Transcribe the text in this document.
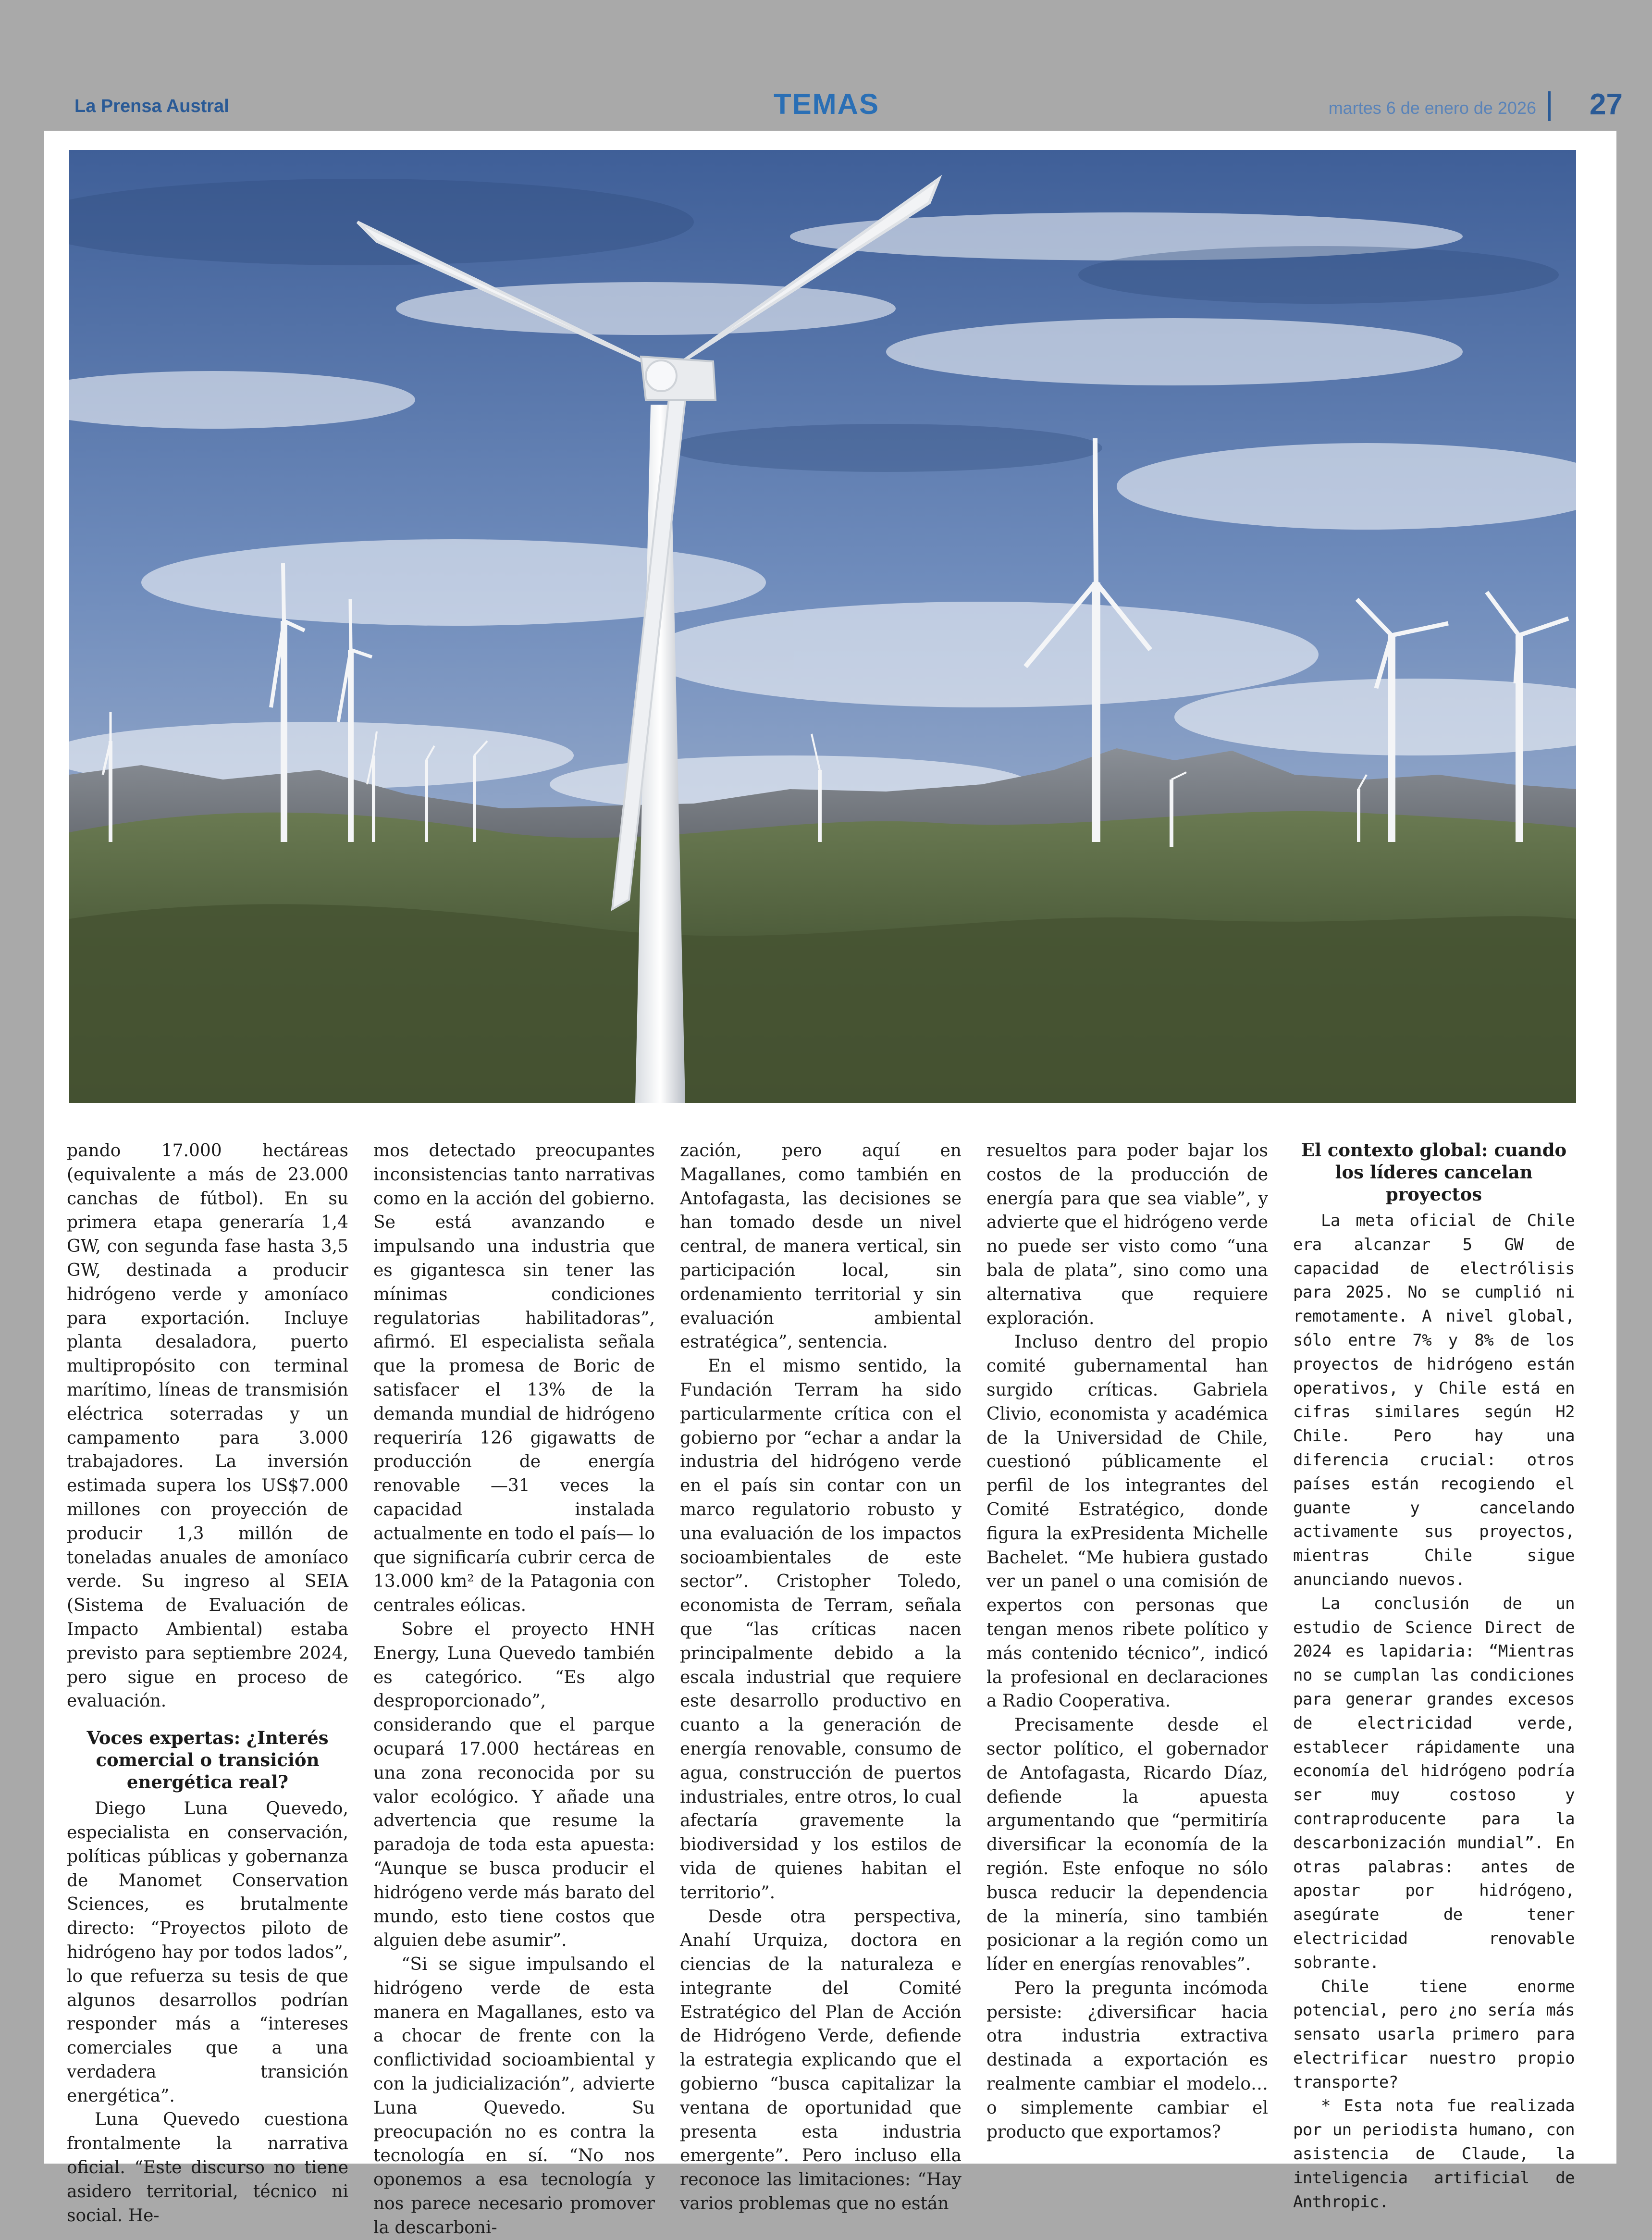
La Prensa Austral	TEMAS	martes 6 de enero de 2026 27

pando 17.000 hectáreas (equivalente a más de 23.000 canchas de fútbol). En su primera etapa generaría 1,4 GW, con segunda fase hasta 3,5 GW, destinada a producir hidrógeno verde y amoníaco para exportación. Incluye planta desaladora, puerto multipropósito con terminal marítimo, líneas de transmisión eléctrica soterradas y un campamento para 3.000 trabajadores. La inversión estimada supera los US$7.000 millones con proyección de producir 1,3 millón de toneladas anuales de amoníaco verde. Su ingreso al SEIA (Sistema de Evaluación de Impacto Ambiental) estaba previsto para septiembre 2024, pero sigue en proceso de evaluación.

Voces expertas: ¿Interés comercial o transición energética real?

Diego Luna Quevedo, especialista en conservación, políticas públicas y gobernanza de Manomet Conservation Sciences, es brutalmente directo: “Proyectos piloto de hidrógeno hay por todos lados”, lo que refuerza su tesis de que algunos desarrollos podrían responder más a “intereses comerciales que a una verdadera transición energética”.

Luna Quevedo cuestiona frontalmente la narrativa oficial. “Este discurso no tiene asidero territorial, técnico ni social. He-

mos detectado preocupantes inconsistencias tanto narrativas como en la acción del gobierno. Se está avanzando e impulsando una industria que es gigantesca sin tener las mínimas condiciones regulatorias habilitadoras”, afirmó. El especialista señala que la promesa de Boric de satisfacer el 13% de la demanda mundial de hidrógeno requeriría 126 gigawatts de producción de energía renovable —31 veces la capacidad instalada actualmente en todo el país— lo que significaría cubrir cerca de 13.000 km² de la Patagonia con centrales eólicas.

Sobre el proyecto HNH Energy, Luna Quevedo también es categórico. “Es algo desproporcionado”, considerando que el parque ocupará 17.000 hectáreas en una zona reconocida por su valor ecológico. Y añade una advertencia que resume la paradoja de toda esta apuesta: “Aunque se busca producir el hidrógeno verde más barato del mundo, esto tiene costos que alguien debe asumir”.

“Si se sigue impulsando el hidrógeno verde de esta manera en Magallanes, esto va a chocar de frente con la conflictividad socioambiental y con la judicialización”, advierte Luna Quevedo. Su preocupación no es contra la tecnología en sí. “No nos oponemos a esa tecnología y nos parece necesario promover la descarboni-

zación, pero aquí en Magallanes, como también en Antofagasta, las decisiones se han tomado desde un nivel central, de manera vertical, sin participación local, sin ordenamiento territorial y sin evaluación ambiental estratégica”, sentencia.

En el mismo sentido, la Fundación Terram ha sido particularmente crítica con el gobierno por “echar a andar la industria del hidrógeno verde en el país sin contar con un marco regulatorio robusto y una evaluación de los impactos socioambientales de este sector”. Cristopher Toledo, economista de Terram, señala que “las críticas nacen principalmente debido a la escala industrial que requiere este desarrollo productivo en cuanto a la generación de energía renovable, consumo de agua, construcción de puertos industriales, entre otros, lo cual afectaría gravemente la biodiversidad y los estilos de vida de quienes habitan el territorio”.

Desde otra perspectiva, Anahí Urquiza, doctora en ciencias de la naturaleza e integrante del Comité Estratégico del Plan de Acción de Hidrógeno Verde, defiende la estrategia explicando que el gobierno “busca capitalizar la ventana de oportunidad que presenta esta industria emergente”. Pero incluso ella reconoce las limitaciones: “Hay varios problemas que no están

resueltos para poder bajar los costos de la producción de energía para que sea viable”, y advierte que el hidrógeno verde no puede ser visto como “una bala de plata”, sino como una alternativa que requiere exploración.

Incluso dentro del propio comité gubernamental han surgido críticas. Gabriela Clivio, economista y académica de la Universidad de Chile, cuestionó públicamente el perfil de los integrantes del Comité Estratégico, donde figura la exPresidenta Michelle Bachelet. “Me hubiera gustado ver un panel o una comisión de expertos con personas que tengan menos ribete político y más contenido técnico”, indicó la profesional en declaraciones a Radio Cooperativa.

Precisamente desde el sector político, el gobernador de Antofagasta, Ricardo Díaz, defiende la apuesta argumentando que “permitiría diversificar la economía de la región. Este enfoque no sólo busca reducir la dependencia de la minería, sino también posicionar a la región como un líder en energías renovables”.

Pero la pregunta incómoda persiste: ¿diversificar hacia otra industria extractiva destinada a exportación es realmente cambiar el modelo… o simplemente cambiar el producto que exportamos?

El contexto global: cuando los líderes cancelan proyectos

La meta oficial de Chile era alcanzar 5 GW de capacidad de electrólisis para 2025. No se cumplió ni remotamente. A nivel global, sólo entre 7% y 8% de los proyectos de hidrógeno están operativos, y Chile está en cifras similares según H2 Chile. Pero hay una diferencia crucial: otros países están recogiendo el guante y cancelando activamente sus proyectos, mientras Chile sigue anunciando nuevos.

La conclusión de un estudio de Science Direct de 2024 es lapidaria: “Mientras no se cumplan las condiciones para generar grandes excesos de electricidad verde, establecer rápidamente una economía del hidrógeno podría ser muy costoso y contraproducente para la descarbonización mundial”. En otras palabras: antes de apostar por hidrógeno, asegúrate de tener electricidad renovable sobrante.

Chile tiene enorme potencial, pero ¿no sería más sensato usarla primero para electrificar nuestro propio transporte?

* Esta nota fue realizada por un periodista humano, con asistencia de Claude, la inteligencia artificial de Anthropic.
